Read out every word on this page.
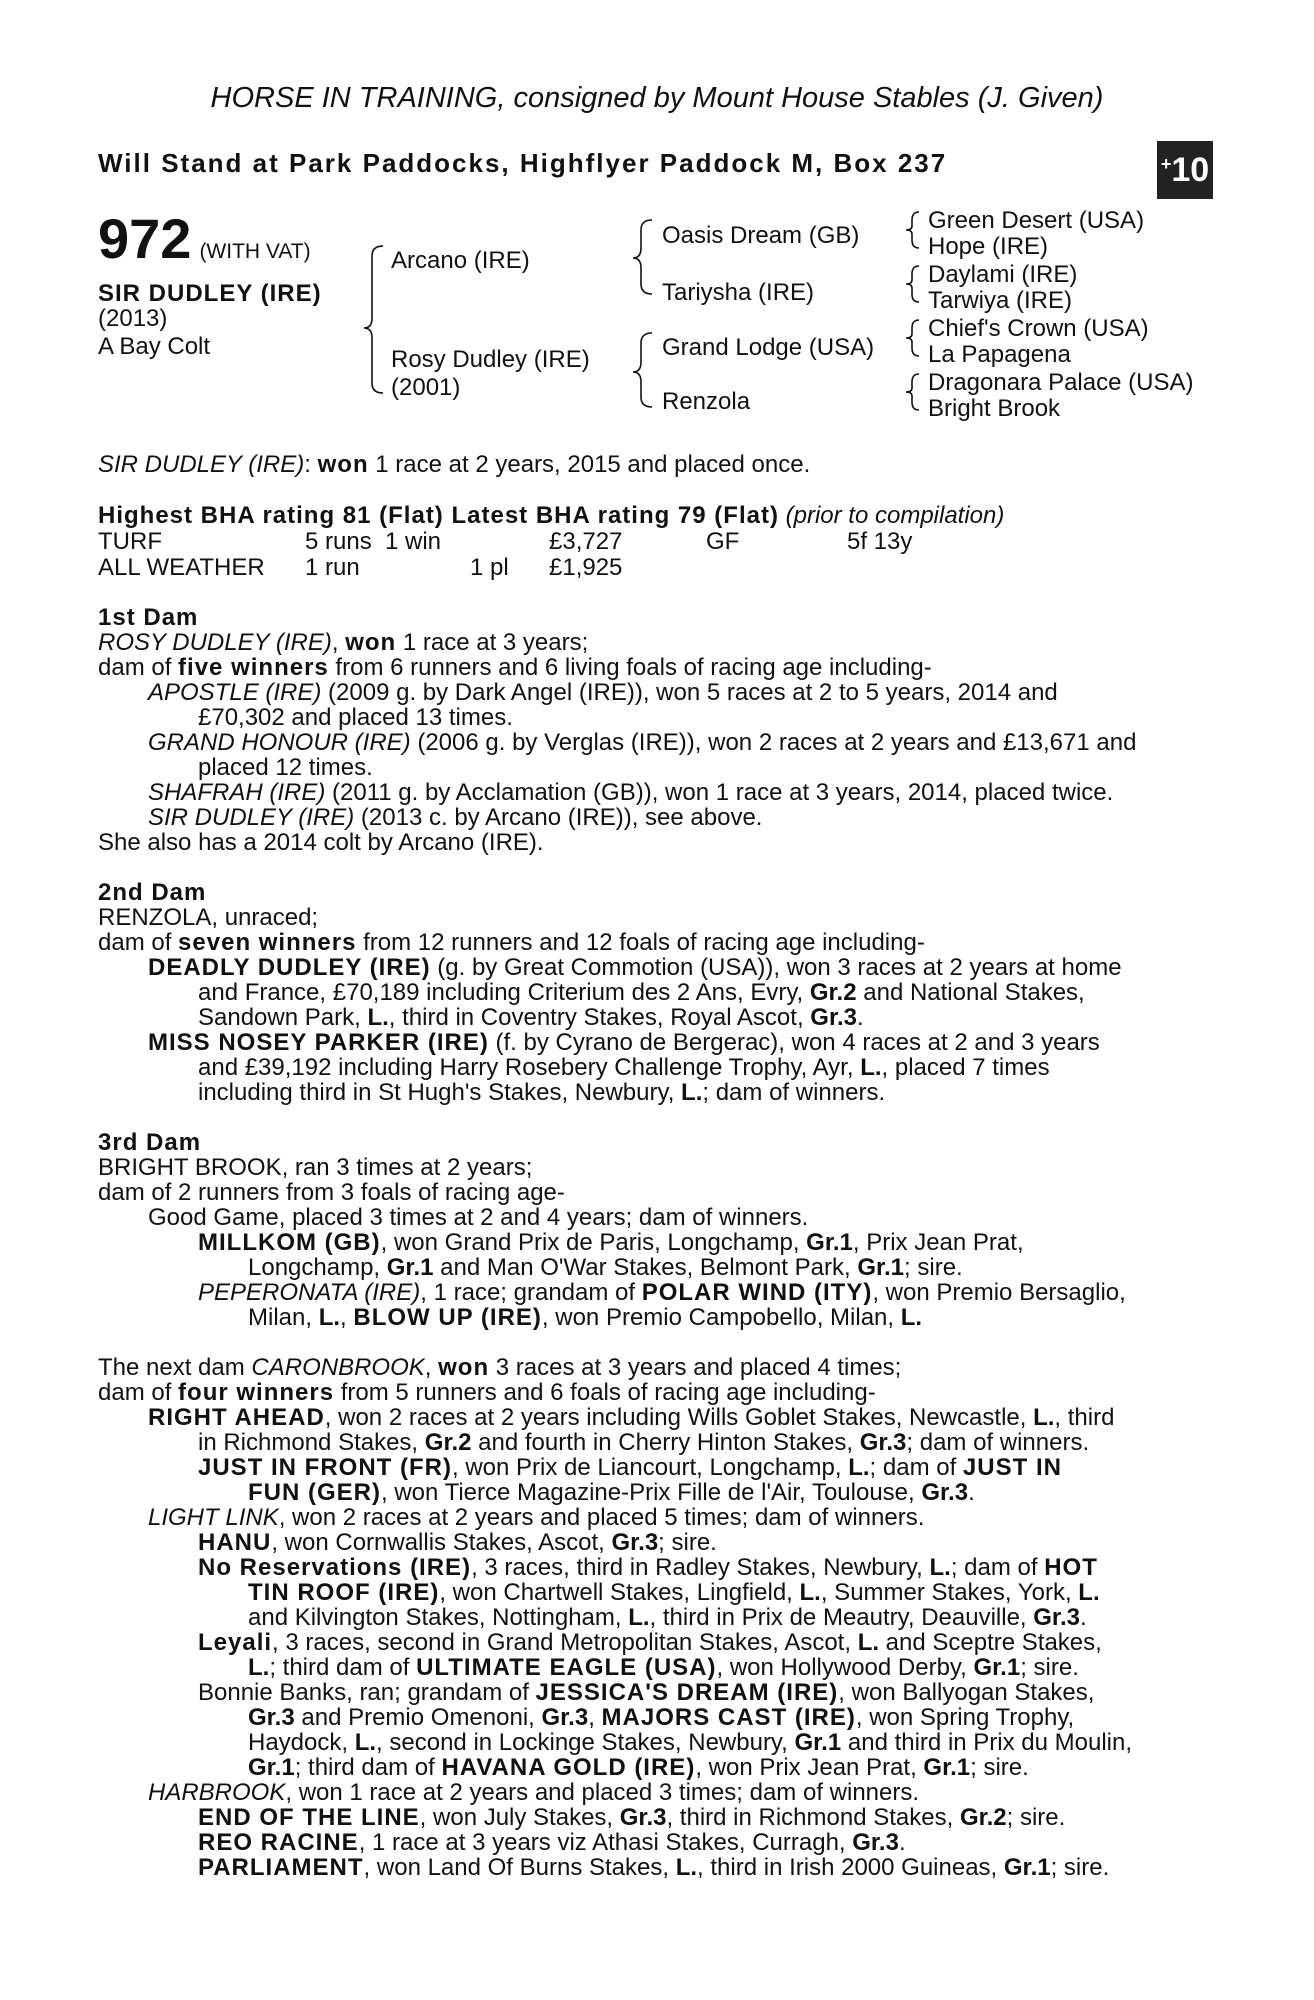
HORSE IN TRAINING, consigned by Mount House Stables (J. Given)
Will Stand at Park Paddocks, Highflyer Paddock M, Box 237	+ 10
972 (WITH VAT)
SIR DUDLEY (IRE)
(2013)
A Bay Colt
Arcano (IRE)
Rosy Dudley (IRE)
(2001)
Oasis Dream (GB)
Tariysha (IRE)
Grand Lodge (USA)
Renzola
Green Desert (USA)
Hope (IRE)
Daylami (IRE)
Tarwiya (IRE)
Chief's Crown (USA)
La Papagena
Dragonara Palace (USA)
Bright Brook
SIR DUDLEY (IRE): won 1 race at 2 years, 2015 and placed once.
Highest BHA rating 81 (Flat) Latest BHA rating 79 (Flat) (prior to compilation)
TURF	5 runs 1 win	£3,727	GF	5f 13y
ALL WEATHER 1 run	1 pl £1,925
1st Dam
ROSY DUDLEY (IRE), won 1 race at 3 years;
dam of five winners from 6 runners and 6 living foals of racing age including-
APOSTLE (IRE) (2009 g. by Dark Angel (IRE)), won 5 races at 2 to 5 years, 2014 and
£70,302 and placed 13 times.
GRAND HONOUR (IRE) (2006 g. by Verglas (IRE)), won 2 races at 2 years and £13,671 and
placed 12 times.
SHAFRAH (IRE) (2011 g. by Acclamation (GB)), won 1 race at 3 years, 2014, placed twice.
SIR DUDLEY (IRE) (2013 c. by Arcano (IRE)), see above.
She also has a 2014 colt by Arcano (IRE).
2nd Dam
RENZOLA, unraced;
dam of seven winners from 12 runners and 12 foals of racing age including-
DEADLY DUDLEY (IRE) (g. by Great Commotion (USA)), won 3 races at 2 years at home
and France, £70,189 including Criterium des 2 Ans, Evry, Gr.2 and National Stakes,
Sandown Park, L., third in Coventry Stakes, Royal Ascot, Gr.3.
MISS NOSEY PARKER (IRE) (f. by Cyrano de Bergerac), won 4 races at 2 and 3 years
and £39,192 including Harry Rosebery Challenge Trophy, Ayr, L., placed 7 times
including third in St Hugh's Stakes, Newbury, L.; dam of winners.
3rd Dam
BRIGHT BROOK, ran 3 times at 2 years;
dam of 2 runners from 3 foals of racing age-
Good Game, placed 3 times at 2 and 4 years; dam of winners.
MILLKOM (GB), won Grand Prix de Paris, Longchamp, Gr.1, Prix Jean Prat,
Longchamp, Gr.1 and Man O'War Stakes, Belmont Park, Gr.1; sire.
PEPERONATA (IRE), 1 race; grandam of POLAR WIND (ITY), won Premio Bersaglio,
Milan, L., BLOW UP (IRE), won Premio Campobello, Milan, L.
The next dam CARONBROOK, won 3 races at 3 years and placed 4 times;
dam of four winners from 5 runners and 6 foals of racing age including-
RIGHT AHEAD, won 2 races at 2 years including Wills Goblet Stakes, Newcastle, L., third
in Richmond Stakes, Gr.2 and fourth in Cherry Hinton Stakes, Gr.3; dam of winners.
JUST IN FRONT (FR), won Prix de Liancourt, Longchamp, L.; dam of JUST IN
FUN (GER), won Tierce Magazine-Prix Fille de l'Air, Toulouse, Gr.3.
LIGHT LINK, won 2 races at 2 years and placed 5 times; dam of winners.
HANU, won Cornwallis Stakes, Ascot, Gr.3; sire.
No Reservations (IRE), 3 races, third in Radley Stakes, Newbury, L.; dam of HOT
TIN ROOF (IRE), won Chartwell Stakes, Lingfield, L., Summer Stakes, York, L.
and Kilvington Stakes, Nottingham, L., third in Prix de Meautry, Deauville, Gr.3.
Leyali, 3 races, second in Grand Metropolitan Stakes, Ascot, L. and Sceptre Stakes,
L.; third dam of ULTIMATE EAGLE (USA), won Hollywood Derby, Gr.1; sire.
Bonnie Banks, ran; grandam of JESSICA'S DREAM (IRE), won Ballyogan Stakes,
Gr.3 and Premio Omenoni, Gr.3, MAJORS CAST (IRE), won Spring Trophy,
Haydock, L., second in Lockinge Stakes, Newbury, Gr.1 and third in Prix du Moulin,
Gr.1; third dam of HAVANA GOLD (IRE), won Prix Jean Prat, Gr.1; sire.
HARBROOK, won 1 race at 2 years and placed 3 times; dam of winners.
END OF THE LINE, won July Stakes, Gr.3, third in Richmond Stakes, Gr.2; sire.
REO RACINE, 1 race at 3 years viz Athasi Stakes, Curragh, Gr.3.
PARLIAMENT, won Land Of Burns Stakes, L., third in Irish 2000 Guineas, Gr.1; sire.
